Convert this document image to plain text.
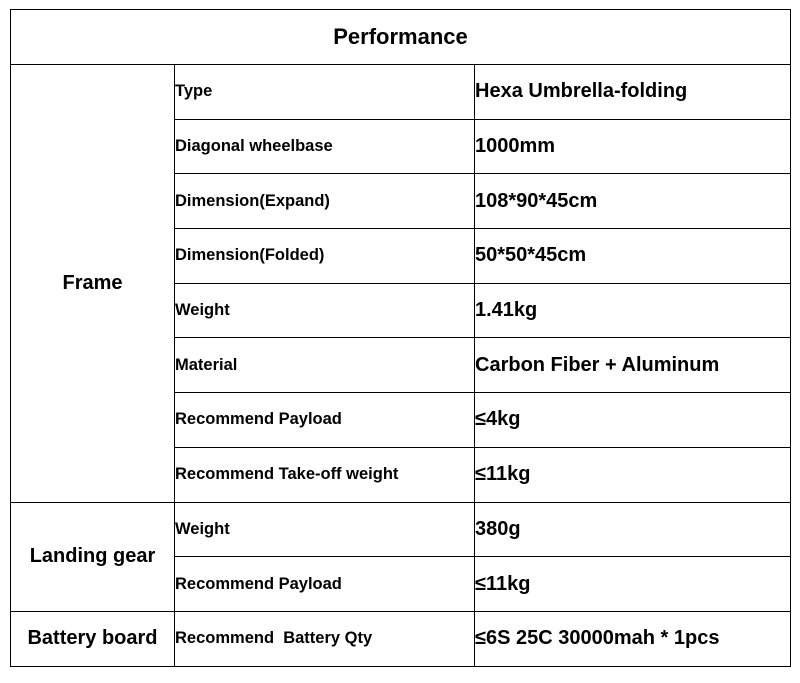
Performance		
Frame	Type	Hexa Umbrella-folding
	Diagonal wheelbase	1000mm
	Dimension(Expand)	108*90*45cm
	Dimension(Folded)	50*50*45cm
	Weight	1.41kg
	Material	Carbon Fiber + Aluminum
	Recommend Payload	≤4kg
	Recommend Take-off weight	≤11kg
Landing gear	Weight	380g
	Recommend Payload	≤11kg
Battery board	Recommend  Battery Qty	≤6S 25C 30000mah * 1pcs
